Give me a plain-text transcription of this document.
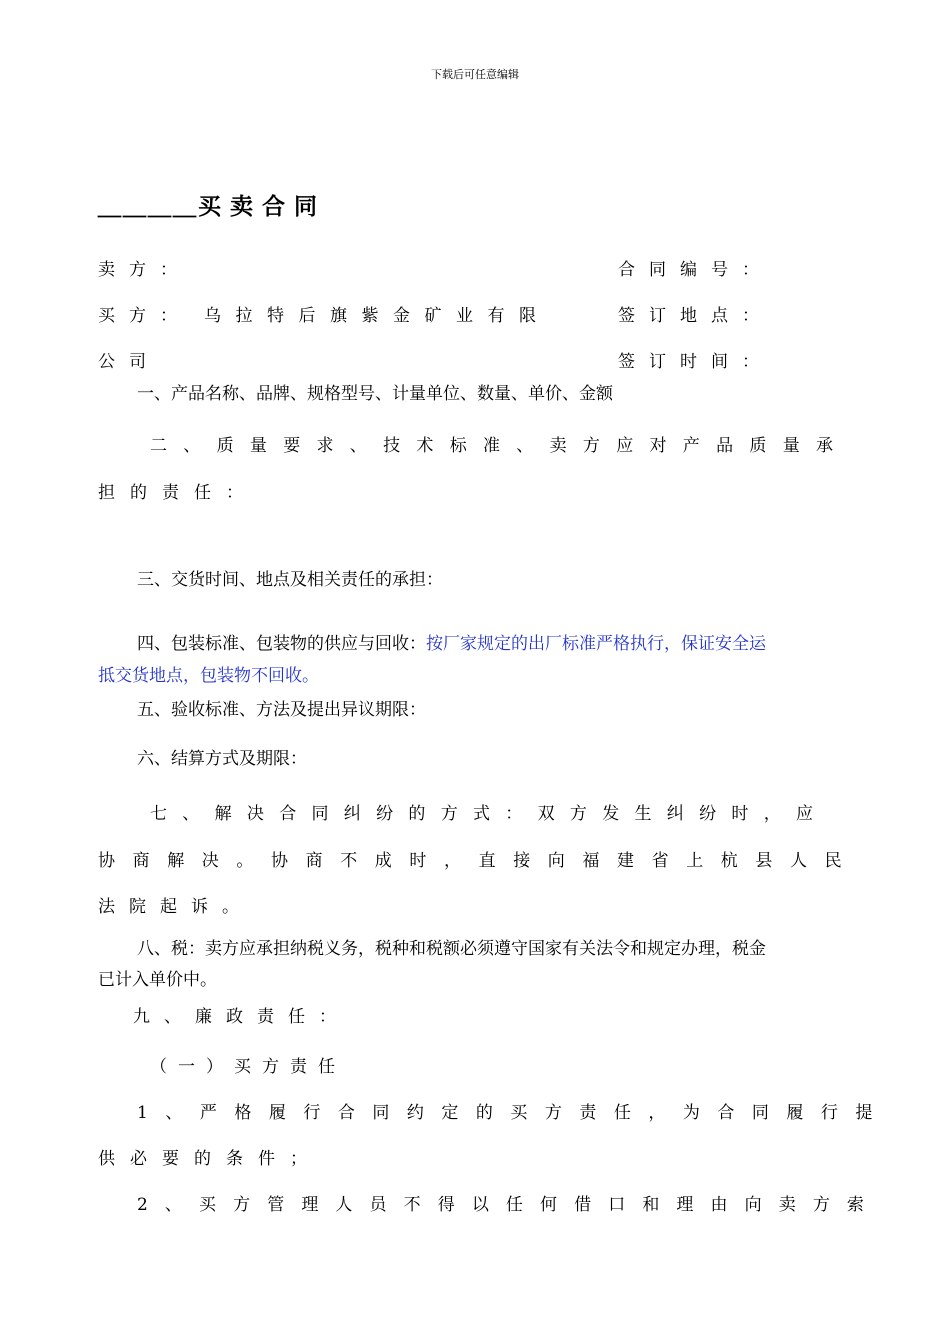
下载后可任意编辑
＿＿＿＿买卖合同
卖方：	合同编号：
买方： 乌拉特后旗紫金矿业有限	签订地点：
公司	签订时间：
一、产品名称、品牌、规格型号、计量单位、数量、单价、金额
二、质量要求、技术标准、卖方应对产品质量承
担的责任：
三、交货时间、地点及相关责任的承担：
四、包装标准、包装物的供应与回收：按厂家规定的出厂标准严格执行，保证安全运
抵交货地点，包装物不回收。
五、验收标准、方法及提出异议期限：
六、结算方式及期限：
七、解决合同纠纷的方式：双方发生纠纷时，应
协商解决。协商不成时，直接向福建省上杭县人民
法院起诉。
八、税：卖方应承担纳税义务，税种和税额必须遵守国家有关法令和规定办理，税金
已计入单价中。
九、廉政责任：
（一）买方责任
1、严格履行合同约定的买方责任，为合同履行提
供必要的条件；
2、买方管理人员不得以任何借口和理由向卖方索
